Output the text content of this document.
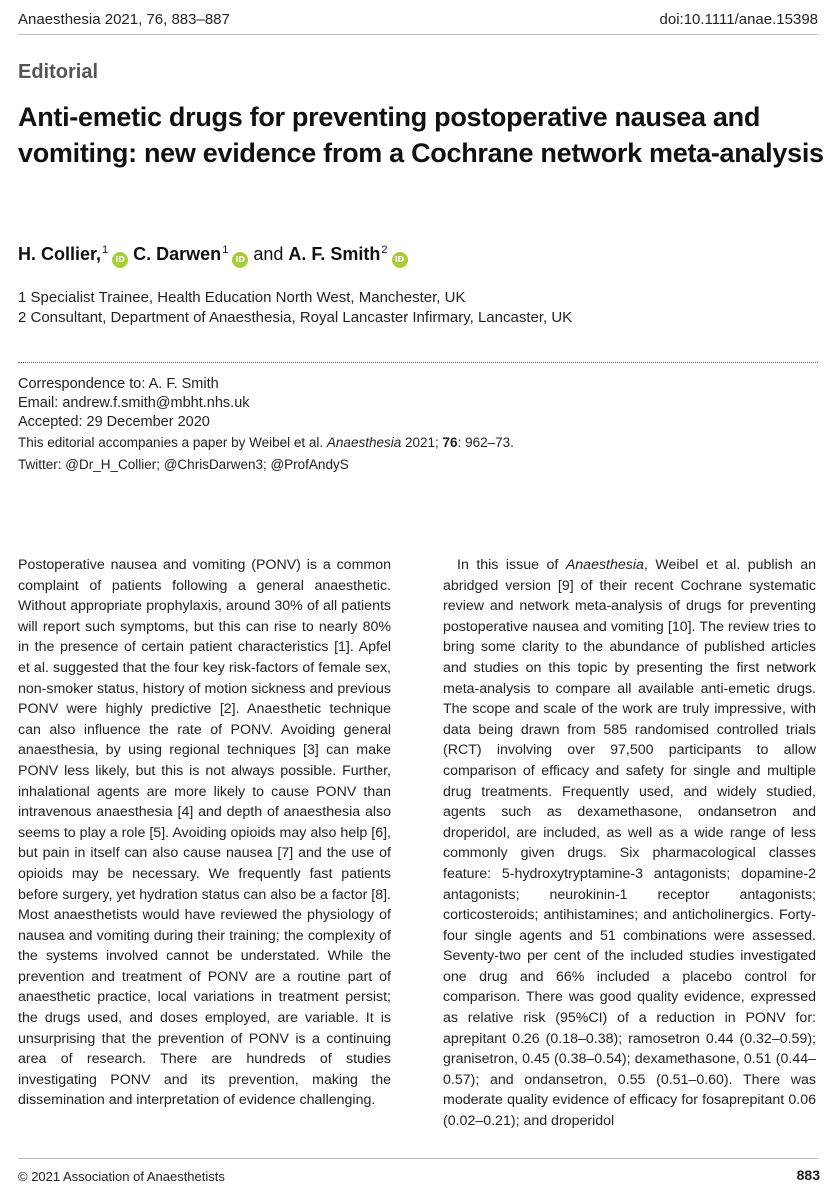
Anaesthesia 2021, 76, 883–887	doi:10.1111/anae.15398
Editorial
Anti-emetic drugs for preventing postoperative nausea and vomiting: new evidence from a Cochrane network meta-analysis
H. Collier,$^1$iD C. Darwen$^1$iD and A. F. Smith$^2$iD
1 Specialist Trainee, Health Education North West, Manchester, UK
2 Consultant, Department of Anaesthesia, Royal Lancaster Infirmary, Lancaster, UK
Correspondence to: A. F. Smith
Email: andrew.f.smith@mbht.nhs.uk
Accepted: 29 December 2020
This editorial accompanies a paper by Weibel et al. Anaesthesia 2021; 76: 962–73.
Twitter: @Dr_H_Collier; @ChrisDarwen3; @ProfAndyS

Postoperative nausea and vomiting (PONV) is a common complaint of patients following a general anaesthetic. Without appropriate prophylaxis, around 30% of all patients will report such symptoms, but this can rise to nearly 80% in the presence of certain patient characteristics [1]. Apfel et al. suggested that the four key risk-factors of female sex, non-smoker status, history of motion sickness and previous PONV were highly predictive [2]. Anaesthetic technique can also influence the rate of PONV. Avoiding general anaesthesia, by using regional techniques [3] can make PONV less likely, but this is not always possible. Further, inhalational agents are more likely to cause PONV than intravenous anaesthesia [4] and depth of anaesthesia also seems to play a role [5]. Avoiding opioids may also help [6], but pain in itself can also cause nausea [7] and the use of opioids may be necessary. We frequently fast patients before surgery, yet hydration status can also be a factor [8]. Most anaesthetists would have reviewed the physiology of nausea and vomiting during their training; the complexity of the systems involved cannot be understated. While the prevention and treatment of PONV are a routine part of anaesthetic practice, local variations in treatment persist; the drugs used, and doses employed, are variable. It is unsurprising that the prevention of PONV is a continuing area of research. There are hundreds of studies investigating PONV and its prevention, making the dissemination and interpretation of evidence challenging.

In this issue of Anaesthesia, Weibel et al. publish an abridged version [9] of their recent Cochrane systematic review and network meta-analysis of drugs for preventing postoperative nausea and vomiting [10]. The review tries to bring some clarity to the abundance of published articles and studies on this topic by presenting the first network meta-analysis to compare all available anti-emetic drugs. The scope and scale of the work are truly impressive, with data being drawn from 585 randomised controlled trials (RCT) involving over 97,500 participants to allow comparison of efficacy and safety for single and multiple drug treatments. Frequently used, and widely studied, agents such as dexamethasone, ondansetron and droperidol, are included, as well as a wide range of less commonly given drugs. Six pharmacological classes feature: 5-hydroxytryptamine-3 antagonists; dopamine-2 antagonists; neurokinin-1 receptor antagonists; corticosteroids; antihistamines; and anticholinergics. Forty-four single agents and 51 combinations were assessed. Seventy-two per cent of the included studies investigated one drug and 66% included a placebo control for comparison. There was good quality evidence, expressed as relative risk (95%CI) of a reduction in PONV for: aprepitant 0.26 (0.18–0.38); ramosetron 0.44 (0.32–0.59); granisetron, 0.45 (0.38–0.54); dexamethasone, 0.51 (0.44–0.57); and ondansetron, 0.55 (0.51–0.60). There was moderate quality evidence of efficacy for fosaprepitant 0.06 (0.02–0.21); and droperidol

© 2021 Association of Anaesthetists	883
